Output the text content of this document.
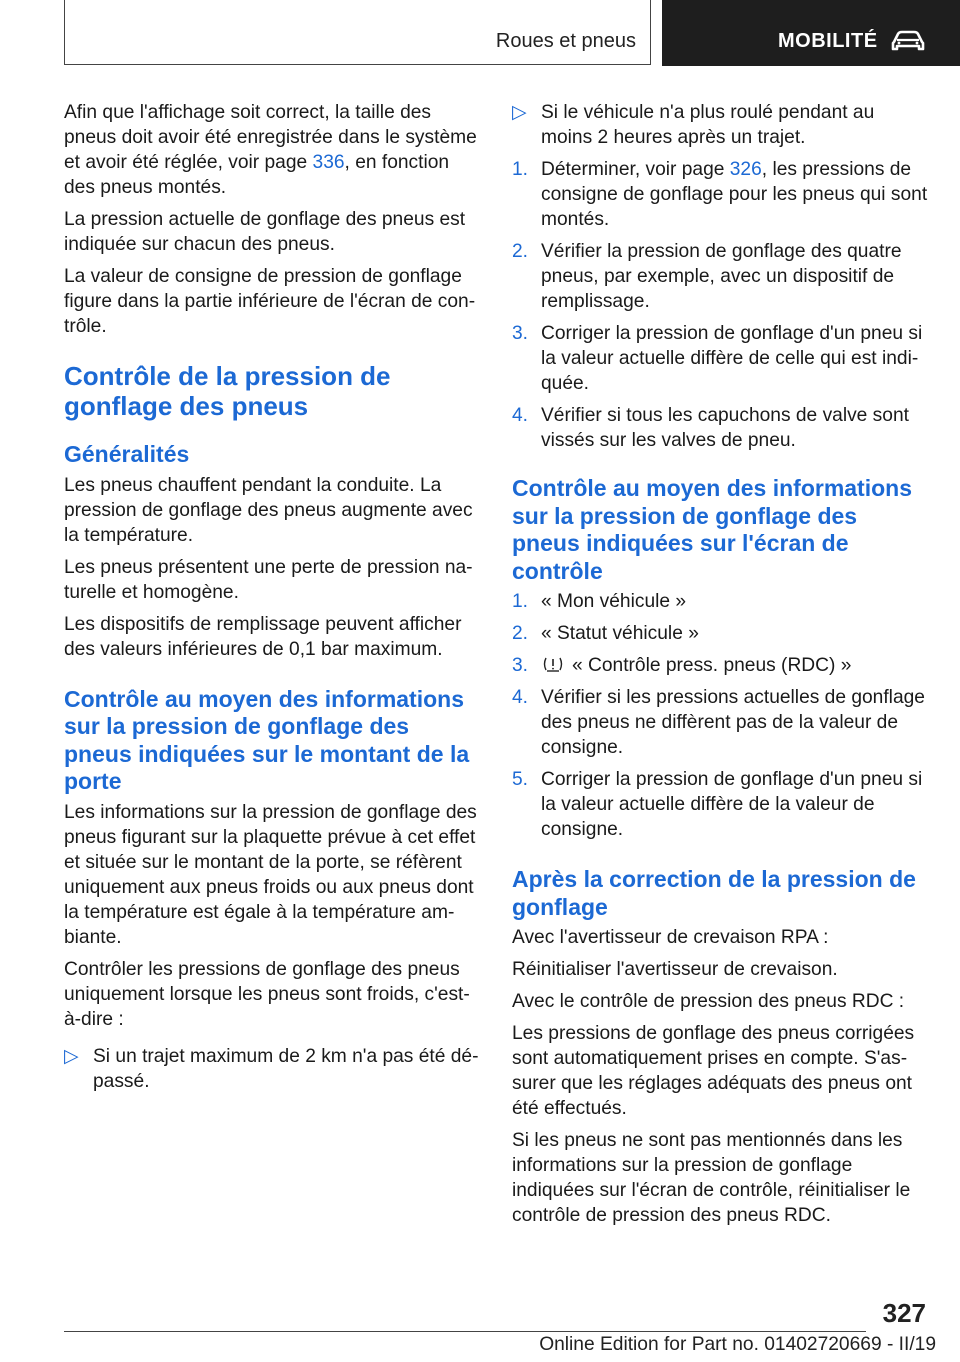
Roues et pneus	MOBILITÉ

Afin que l'affichage soit correct, la taille des pneus doit avoir été enregistrée dans le système et avoir été réglée, voir page 336, en fonction des pneus montés.

La pression actuelle de gonflage des pneus est indiquée sur chacun des pneus.

La valeur de consigne de pression de gonflage figure dans la partie inférieure de l'écran de contrôle.

Contrôle de la pression de gonflage des pneus
Généralités

Les pneus chauffent pendant la conduite. La pression de gonflage des pneus augmente avec la température.

Les pneus présentent une perte de pression naturelle et homogène.

Les dispositifs de remplissage peuvent afficher des valeurs inférieures de 0,1 bar maximum.

Contrôle au moyen des informations sur la pression de gonflage des pneus indiquées sur le montant de la porte

Les informations sur la pression de gonflage des pneus figurant sur la plaquette prévue à cet effet et située sur le montant de la porte, se réfèrent uniquement aux pneus froids ou aux pneus dont la température est égale à la température ambiante.

Contrôler les pressions de gonflage des pneus uniquement lorsque les pneus sont froids, c'est-à-dire :

▷ Si un trajet maximum de 2 km n'a pas été dépassé.
▷ Si le véhicule n'a plus roulé pendant au moins 2 heures après un trajet.
1. Déterminer, voir page 326, les pressions de consigne de gonflage pour les pneus qui sont montés.
2. Vérifier la pression de gonflage des quatre pneus, par exemple, avec un dispositif de remplissage.
3. Corriger la pression de gonflage d'un pneu si la valeur actuelle diffère de celle qui est indiquée.
4. Vérifier si tous les capuchons de valve sont vissés sur les valves de pneu.
Contrôle au moyen des informations sur la pression de gonflage des pneus indiquées sur l'écran de contrôle
1. « Mon véhicule »
2. « Statut véhicule »
3. « Contrôle press. pneus (RDC) »
4. Vérifier si les pressions actuelles de gonflage des pneus ne diffèrent pas de la valeur de consigne.
5. Corriger la pression de gonflage d'un pneu si la valeur actuelle diffère de la valeur de consigne.
Après la correction de la pression de gonflage

Avec l'avertisseur de crevaison RPA :

Réinitialiser l'avertisseur de crevaison.

Avec le contrôle de pression des pneus RDC :

Les pressions de gonflage des pneus corrigées sont automatiquement prises en compte. S'assurer que les réglages adéquats des pneus ont été effectués.

Si les pneus ne sont pas mentionnés dans les informations sur la pression de gonflage indiquées sur l'écran de contrôle, réinitialiser le contrôle de pression des pneus RDC.

327
Online Edition for Part no. 01402720669 - II/19
